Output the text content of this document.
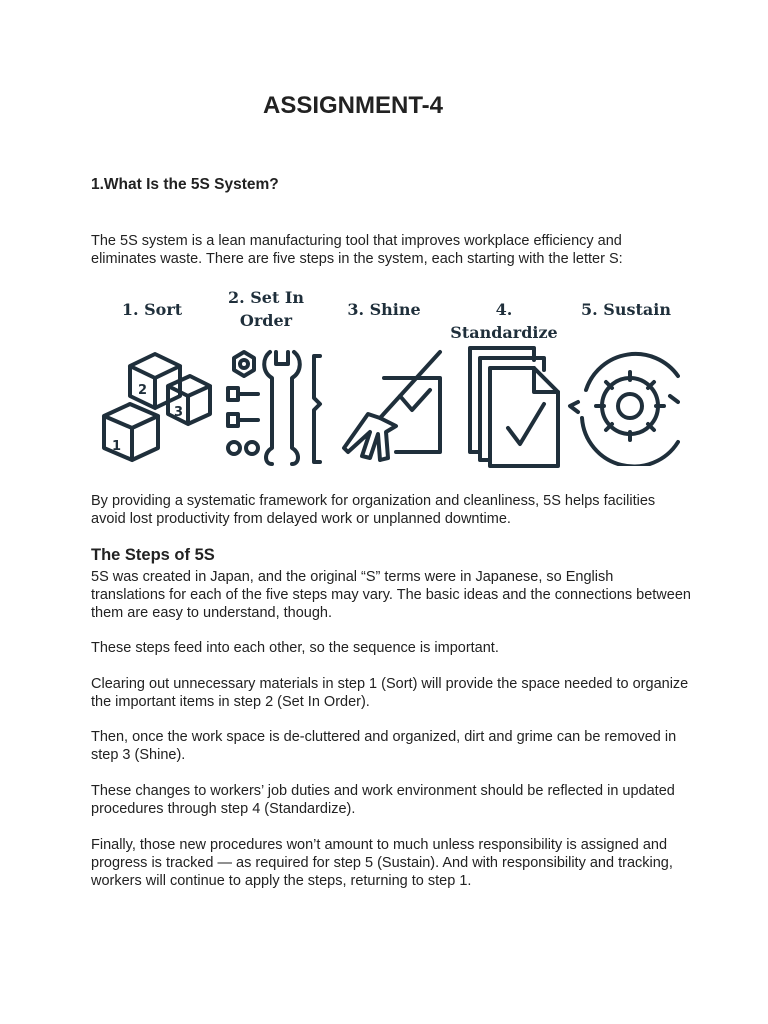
ASSIGNMENT-4
1.What Is the 5S System?
The 5S system is a lean manufacturing tool that improves workplace efficiency and eliminates waste. There are five steps in the system, each starting with the letter S:
1. Sort
2. Set In Order
3. Shine	4. Standardize
5. Sustain
2
3
1
By providing a systematic framework for organization and cleanliness, 5S helps facilities avoid lost productivity from delayed work or unplanned downtime.
The Steps of 5S
5S was created in Japan, and the original “S” terms were in Japanese, so English translations for each of the five steps may vary. The basic ideas and the connections between them are easy to understand, though.
These steps feed into each other, so the sequence is important.
Clearing out unnecessary materials in step 1 (Sort) will provide the space needed to organize the important items in step 2 (Set In Order).
Then, once the work space is de-cluttered and organized, dirt and grime can be removed in step 3 (Shine).
These changes to workers’ job duties and work environment should be reflected in updated procedures through step 4 (Standardize).
Finally, those new procedures won’t amount to much unless responsibility is assigned and progress is tracked — as required for step 5 (Sustain). And with responsibility and tracking, workers will continue to apply the steps, returning to step 1.
